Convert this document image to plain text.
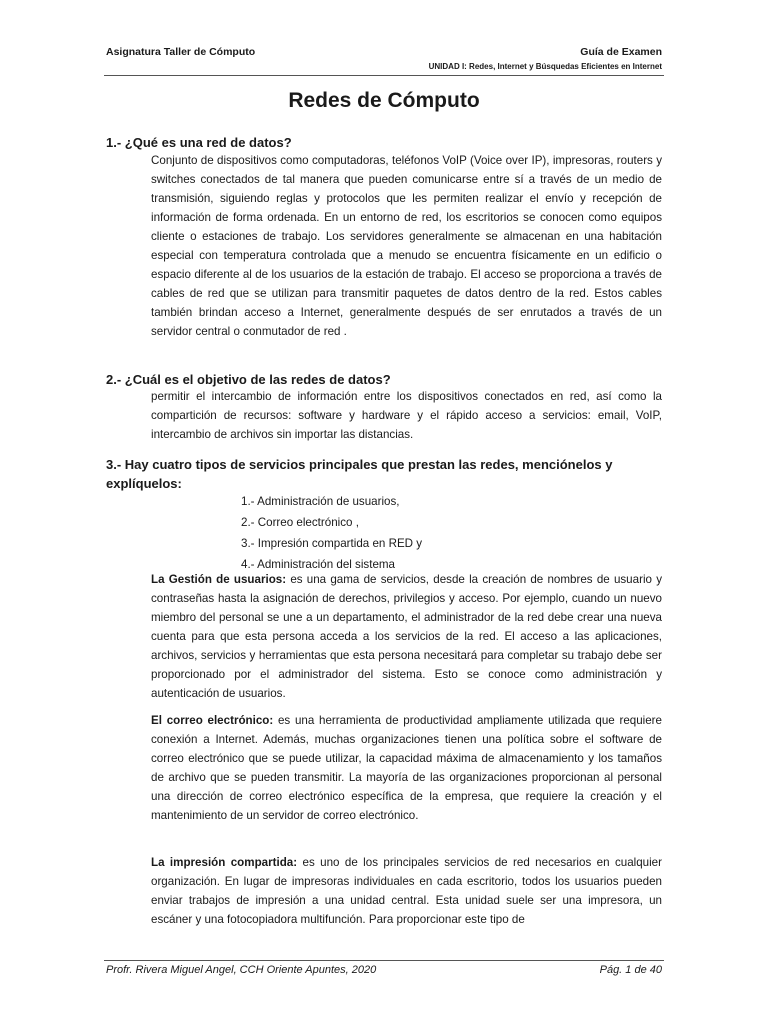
Asignatura Taller de Cómputo	Guía de Examen
UNIDAD I: Redes, Internet y Búsquedas Eficientes en Internet
Redes de Cómputo
1.- ¿Qué es una red de datos?

Conjunto de dispositivos como computadoras, teléfonos VoIP (Voice over IP), impresoras, routers y switches conectados de tal manera que pueden comunicarse entre sí a través de un medio de transmisión, siguiendo reglas y protocolos que les permiten realizar el envío y recepción de información de forma ordenada. En un entorno de red, los escritorios se conocen como equipos cliente o estaciones de trabajo. Los servidores generalmente se almacenan en una habitación especial con temperatura controlada que a menudo se encuentra físicamente en un edificio o espacio diferente al de los usuarios de la estación de trabajo. El acceso se proporciona a través de cables de red que se utilizan para transmitir paquetes de datos dentro de la red. Estos cables también brindan acceso a Internet, generalmente después de ser enrutados a través de un servidor central o conmutador de red .

2.- ¿Cuál es el objetivo de las redes de datos?

permitir el intercambio de información entre los dispositivos conectados en red, así como la compartición de recursos: software y hardware y el rápido acceso a servicios: email, VoIP, intercambio de archivos sin importar las distancias.

3.- Hay cuatro tipos de servicios principales que prestan las redes, menciónelos y explíquelos:
1.- Administración de usuarios,
2.- Correo electrónico ,
3.- Impresión compartida en RED y
4.- Administración del sistema

La Gestión de usuarios: es una gama de servicios, desde la creación de nombres de usuario y contraseñas hasta la asignación de derechos, privilegios y acceso. Por ejemplo, cuando un nuevo miembro del personal se une a un departamento, el administrador de la red debe crear una nueva cuenta para que esta persona acceda a los servicios de la red. El acceso a las aplicaciones, archivos, servicios y herramientas que esta persona necesitará para completar su trabajo debe ser proporcionado por el administrador del sistema. Esto se conoce como administración y autenticación de usuarios.

El correo electrónico: es una herramienta de productividad ampliamente utilizada que requiere conexión a Internet. Además, muchas organizaciones tienen una política sobre el software de correo electrónico que se puede utilizar, la capacidad máxima de almacenamiento y los tamaños de archivo que se pueden transmitir. La mayoría de las organizaciones proporcionan al personal una dirección de correo electrónico específica de la empresa, que requiere la creación y el mantenimiento de un servidor de correo electrónico.

La impresión compartida: es uno de los principales servicios de red necesarios en cualquier organización. En lugar de impresoras individuales en cada escritorio, todos los usuarios pueden enviar trabajos de impresión a una unidad central. Esta unidad suele ser una impresora, un escáner y una fotocopiadora multifunción. Para proporcionar este tipo de

Profr. Rivera Miguel Angel, CCH Oriente Apuntes, 2020	Pág. 1 de 40
